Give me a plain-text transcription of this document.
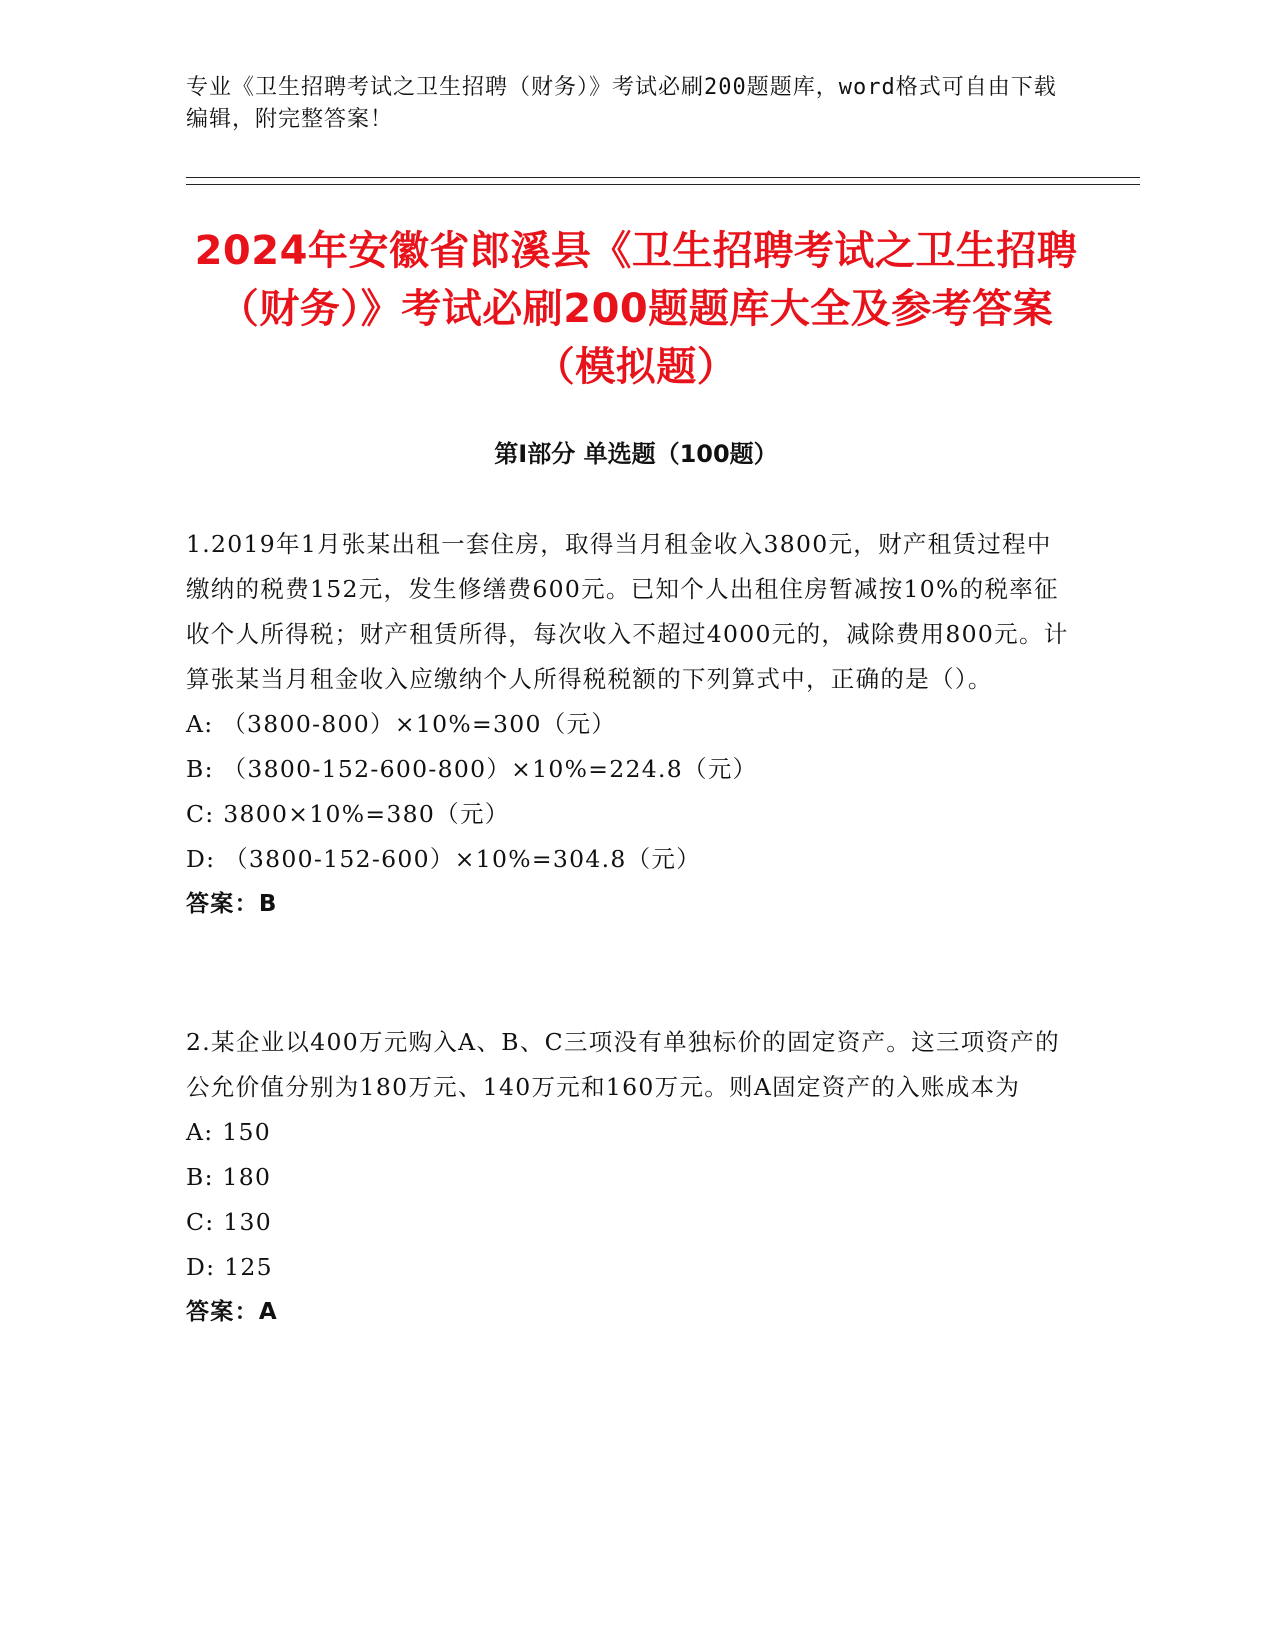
专业《卫生招聘考试之卫生招聘（财务）》考试必刷200题题库，word格式可自由下载编辑，附完整答案！
2024年安徽省郎溪县《卫生招聘考试之卫生招聘（财务）》考试必刷200题题库大全及参考答案（模拟题）
第I部分 单选题（100题）

1.2019年1月张某出租一套住房，取得当月租金收入3800元，财产租赁过程中缴纳的税费152元，发生修缮费600元。已知个人出租住房暂减按10%的税率征收个人所得税；财产租赁所得，每次收入不超过4000元的，减除费用800元。计算张某当月租金收入应缴纳个人所得税税额的下列算式中，正确的是（）。

A: （3800-800）×10%=300（元）

B: （3800-152-600-800）×10%=224.8（元）

C: 3800×10%=380（元）

D: （3800-152-600）×10%=304.8（元）

答案：B

2.某企业以400万元购入A、B、C三项没有单独标价的固定资产。这三项资产的公允价值分别为180万元、140万元和160万元。则A固定资产的入账成本为

A: 150

B: 180

C: 130

D: 125

答案：A
